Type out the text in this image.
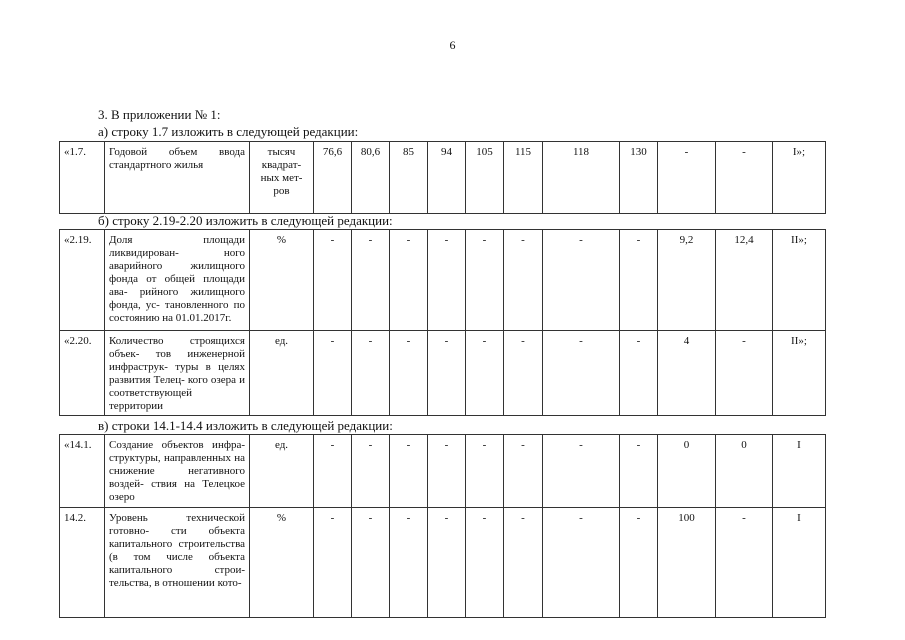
6
3. В приложении № 1:
а) строку 1.7 изложить в следующей редакции:
«1.7.	Годовой объем ввода стандартного жилья	тысяч квадрат- ных мет- ров	76,6	80,6	85	94	105	115	118	130	-	-	I»;
б) строку 2.19-2.20 изложить в следующей редакции:
«2.19.	Доля площади ликвидирован- ного аварийного жилищного фонда от общей площади ава- рийного жилищного фонда, ус- тановленного по состоянию на 01.01.2017г.	%	-	-	-	-	-	-	-	-	9,2	12,4	II»;
«2.20.	Количество строящихся объек- тов инженерной инфраструк- туры в целях развития Телец- кого озера и соответствующей территории	ед.	-	-	-	-	-	-	-	-	4	-	II»;
в) строки 14.1-14.4 изложить в следующей редакции:
«14.1.	Создание объектов инфра- структуры, направленных на снижение негативного воздей- ствия на Телецкое озеро	ед.	-	-	-	-	-	-	-	-	0	0	I
14.2.	Уровень технической готовно- сти объекта капитального строительства (в том числе объекта капитального строи- тельства, в отношении кото-	%	-	-	-	-	-	-	-	-	100	-	I
